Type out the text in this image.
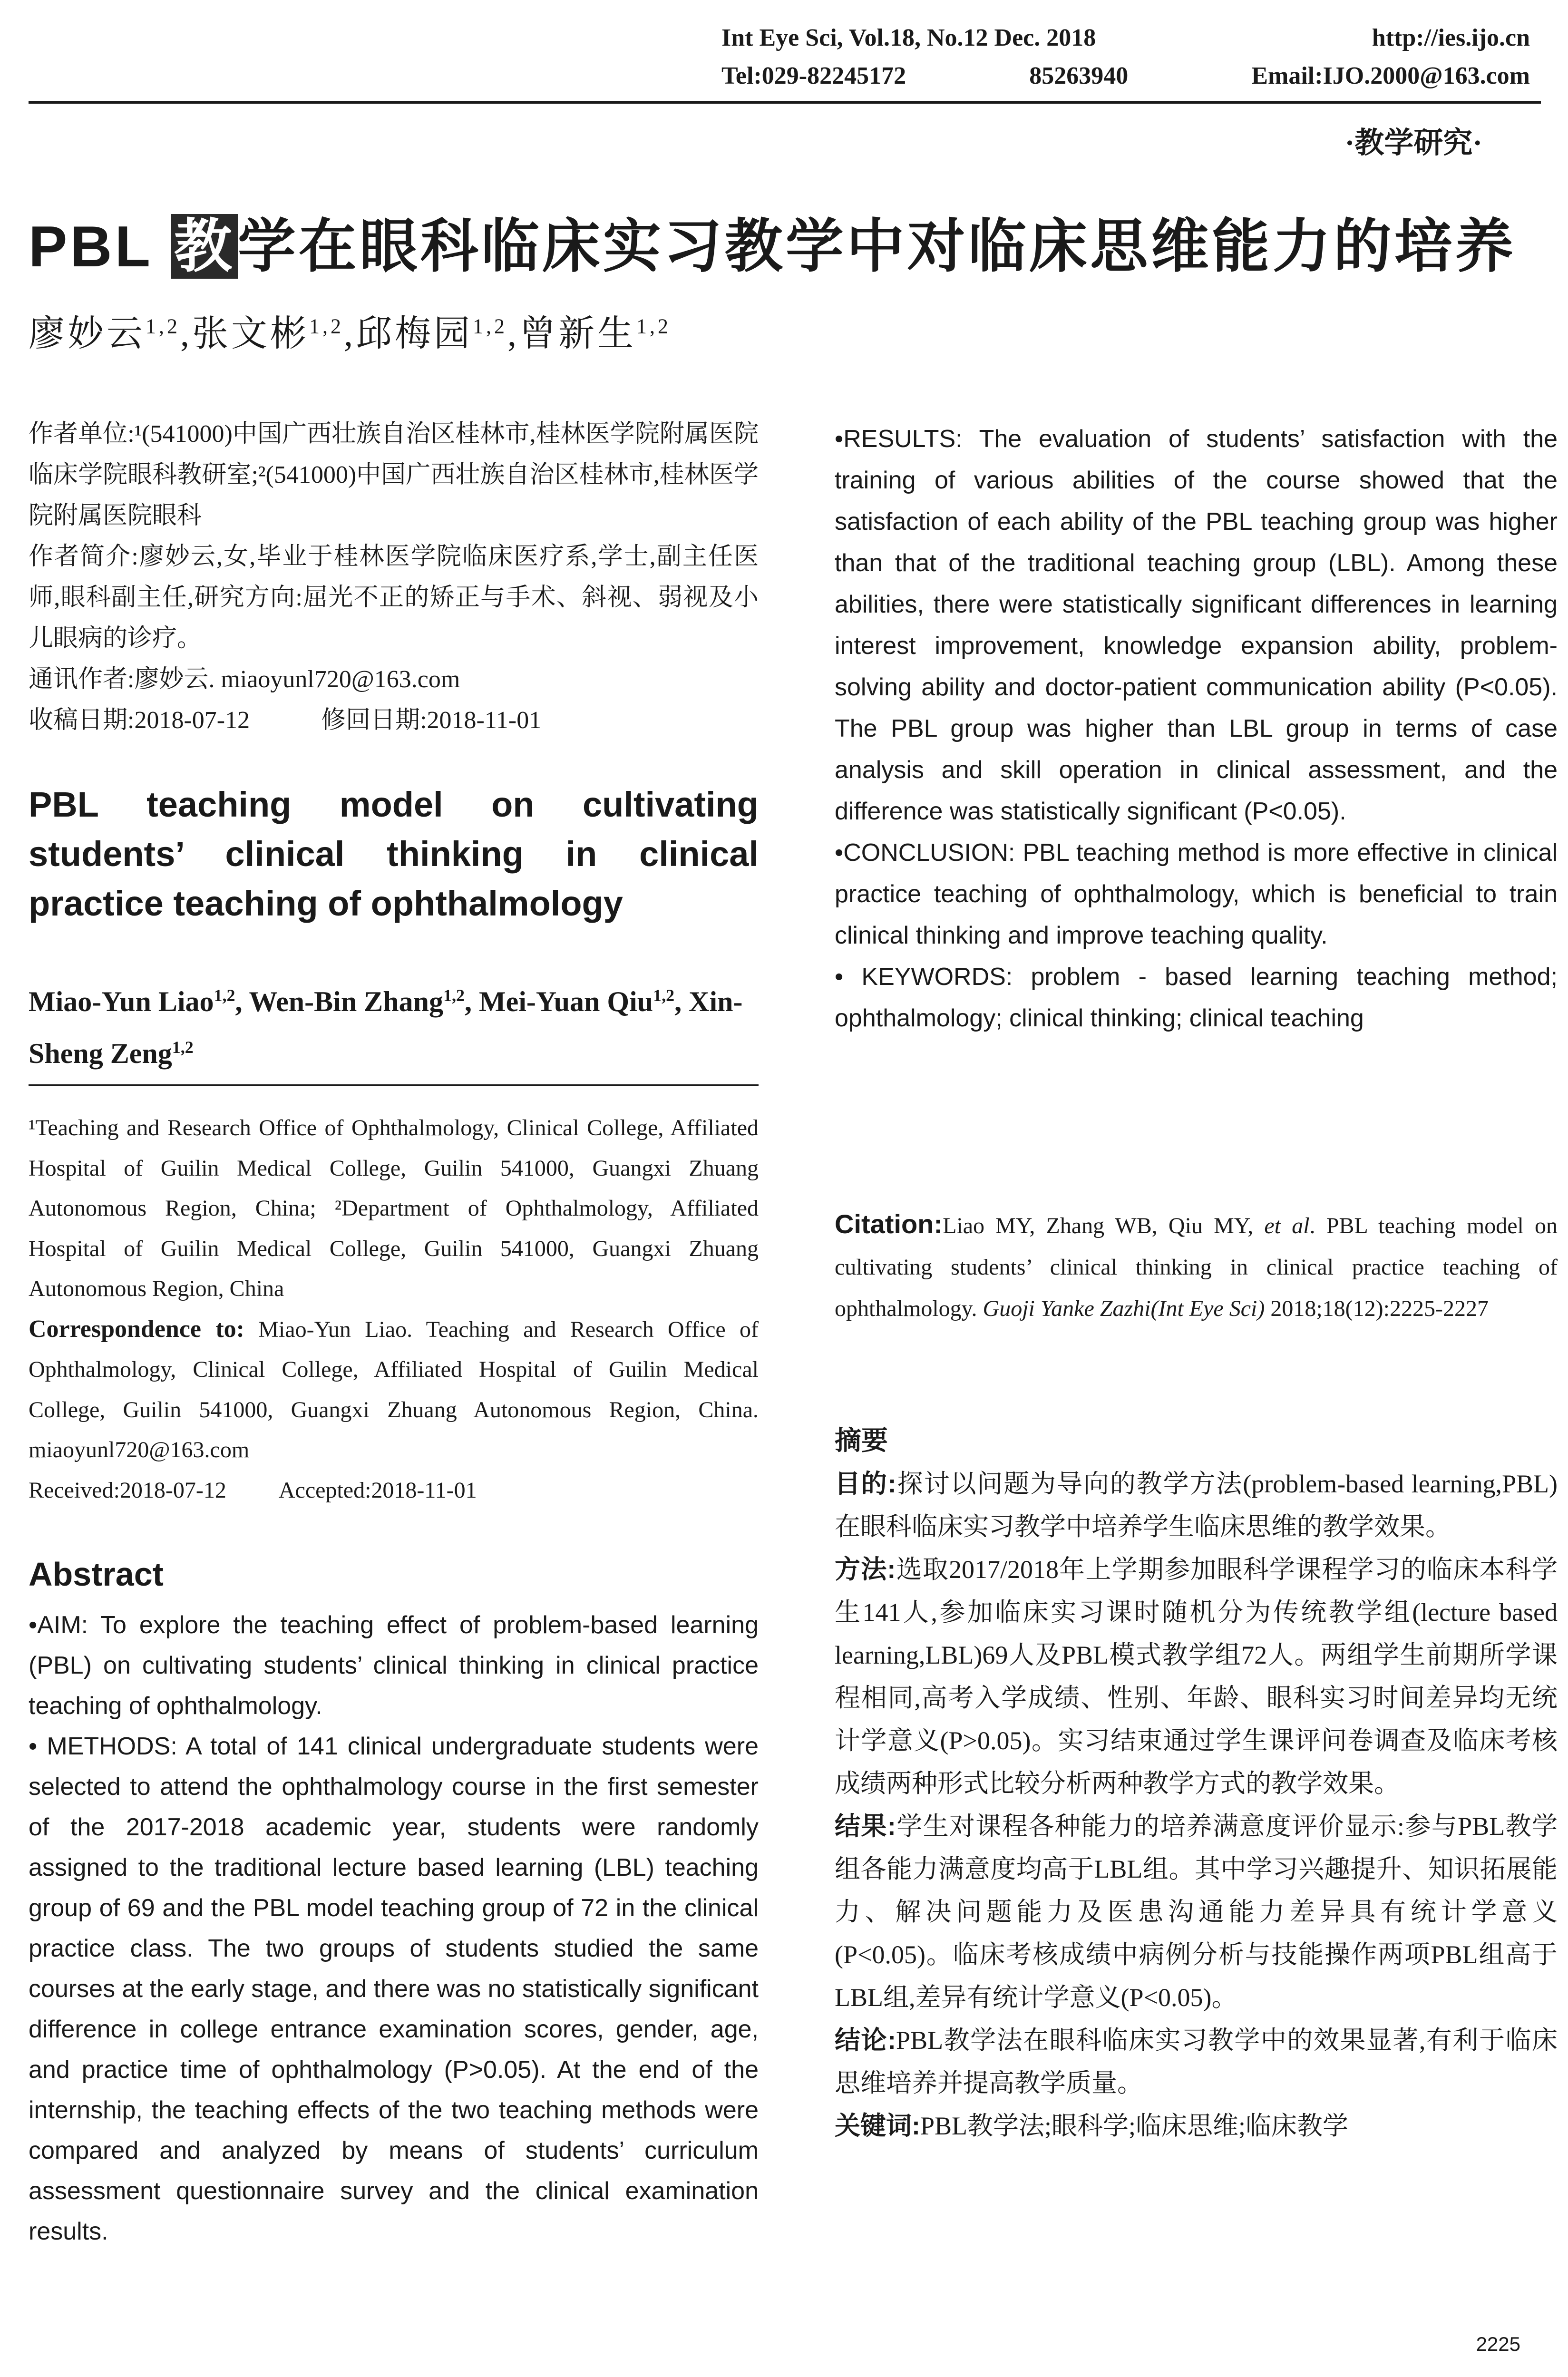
Int Eye Sci, Vol.18, No.12 Dec. 2018	http://ies.ijo.cn
Tel:029-82245172	85263940	Email:IJO.2000@163.com
·教学研究·
PBL 教学在眼科临床实习教学中对临床思维能力的培养
廖妙云$^{1,2}$,张文彬$^{1,2}$,邱梅园$^{1,2}$,曾新生$^{1,2}$

作者单位:¹(541000)中国广西壮族自治区桂林市,桂林医学院附属医院临床学院眼科教研室;²(541000)中国广西壮族自治区桂林市,桂林医学院附属医院眼科

作者简介:廖妙云,女,毕业于桂林医学院临床医疗系,学士,副主任医师,眼科副主任,研究方向:屈光不正的矫正与手术、斜视、弱视及小儿眼病的诊疗。

通讯作者:廖妙云. miaoyunl720@163.com

收稿日期:2018-07-12	修回日期:2018-11-01

PBL teaching model on cultivating students’ clinical thinking in clinical practice teaching of ophthalmology
Miao-Yun Liao$^{1,2}$, Wen-Bin Zhang$^{1,2}$, Mei-Yuan Qiu$^{1,2}$, Xin-Sheng Zeng$^{1,2}$

¹Teaching and Research Office of Ophthalmology, Clinical College, Affiliated Hospital of Guilin Medical College, Guilin 541000, Guangxi Zhuang Autonomous Region, China; ²Department of Ophthalmology, Affiliated Hospital of Guilin Medical College, Guilin 541000, Guangxi Zhuang Autonomous Region, China

Correspondence to: Miao-Yun Liao. Teaching and Research Office of Ophthalmology, Clinical College, Affiliated Hospital of Guilin Medical College, Guilin 541000, Guangxi Zhuang Autonomous Region, China. miaoyunl720@163.com

Received:2018-07-12 Accepted:2018-11-01

Abstract

•AIM: To explore the teaching effect of problem-based learning (PBL) on cultivating students’ clinical thinking in clinical practice teaching of ophthalmology.

• METHODS: A total of 141 clinical undergraduate students were selected to attend the ophthalmology course in the first semester of the 2017-2018 academic year, students were randomly assigned to the traditional lecture based learning (LBL) teaching group of 69 and the PBL model teaching group of 72 in the clinical practice class. The two groups of students studied the same courses at the early stage, and there was no statistically significant difference in college entrance examination scores, gender, age, and practice time of ophthalmology (P>0.05). At the end of the internship, the teaching effects of the two teaching methods were compared and analyzed by means of students’ curriculum assessment questionnaire survey and the clinical examination results.

•RESULTS: The evaluation of students’ satisfaction with the training of various abilities of the course showed that the satisfaction of each ability of the PBL teaching group was higher than that of the traditional teaching group (LBL). Among these abilities, there were statistically significant differences in learning interest improvement, knowledge expansion ability, problem-solving ability and doctor-patient communication ability (P<0.05). The PBL group was higher than LBL group in terms of case analysis and skill operation in clinical assessment, and the difference was statistically significant (P<0.05).

•CONCLUSION: PBL teaching method is more effective in clinical practice teaching of ophthalmology, which is beneficial to train clinical thinking and improve teaching quality.

• KEYWORDS: problem - based learning teaching method; ophthalmology; clinical thinking; clinical teaching

Citation:Liao MY, Zhang WB, Qiu MY, et al. PBL teaching model on cultivating students’ clinical thinking in clinical practice teaching of ophthalmology. Guoji Yanke Zazhi(Int Eye Sci) 2018;18(12):2225-2227
摘要

目的:探讨以问题为导向的教学方法(problem-based learning,PBL)在眼科临床实习教学中培养学生临床思维的教学效果。

方法:选取2017/2018年上学期参加眼科学课程学习的临床本科学生141人,参加临床实习课时随机分为传统教学组(lecture based learning,LBL)69人及PBL模式教学组72人。两组学生前期所学课程相同,高考入学成绩、性别、年龄、眼科实习时间差异均无统计学意义(P>0.05)。实习结束通过学生课评问卷调查及临床考核成绩两种形式比较分析两种教学方式的教学效果。

结果:学生对课程各种能力的培养满意度评价显示:参与PBL教学组各能力满意度均高于LBL组。其中学习兴趣提升、知识拓展能力、解决问题能力及医患沟通能力差异具有统计学意义(P<0.05)。临床考核成绩中病例分析与技能操作两项PBL组高于LBL组,差异有统计学意义(P<0.05)。

结论:PBL教学法在眼科临床实习教学中的效果显著,有利于临床思维培养并提高教学质量。

关键词:PBL教学法;眼科学;临床思维;临床教学

2225
